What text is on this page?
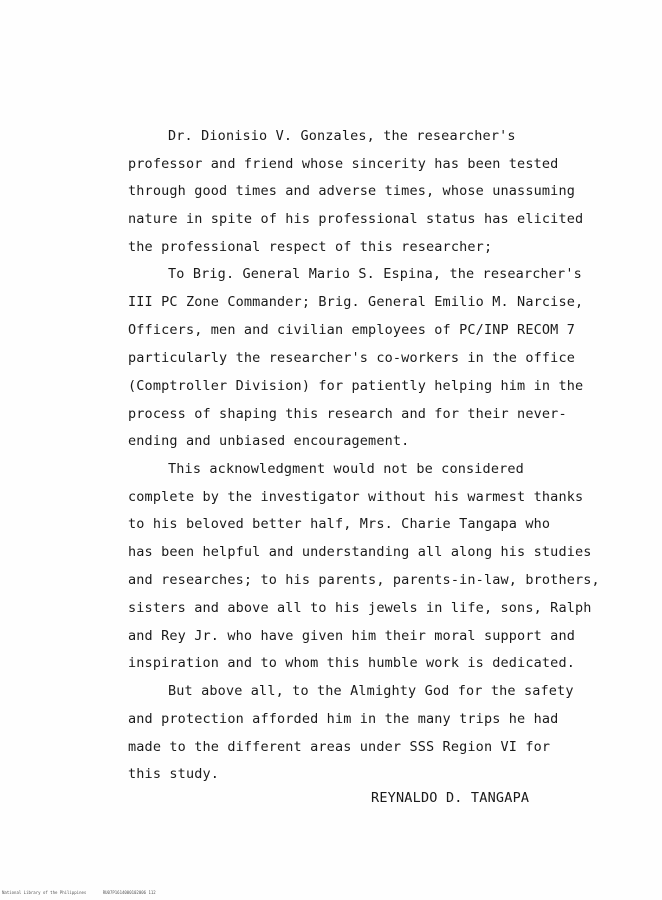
Dr. Dionisio V. Gonzales, the researcher's
professor and friend whose sincerity has been tested
through good times and adverse times, whose unassuming
nature in spite of his professional status has elicited
the professional respect of this researcher;
To Brig. General Mario S. Espina, the researcher's
III PC Zone Commander; Brig. General Emilio M. Narcise,
Officers, men and civilian employees of PC/INP RECOM 7
particularly the researcher's co-workers in the office
(Comptroller Division) for patiently helping him in the
process of shaping this research and for their never-
ending and unbiased encouragement.
This acknowledgment would not be considered
complete by the investigator without his warmest thanks
to his beloved better half, Mrs. Charie Tangapa who
has been helpful and understanding all along his studies
and researches; to his parents, parents-in-law, brothers,
sisters and above all to his jewels in life, sons, Ralph
and Rey Jr. who have given him their moral support and
inspiration and to whom this humble work is dedicated.
But above all, to the Almighty God for the safety
and protection afforded him in the many trips he had
made to the different areas under SSS Region VI for
this study.
REYNALDO D. TANGAPA
National Library of the Philippines	RU07P1614000102006 112
